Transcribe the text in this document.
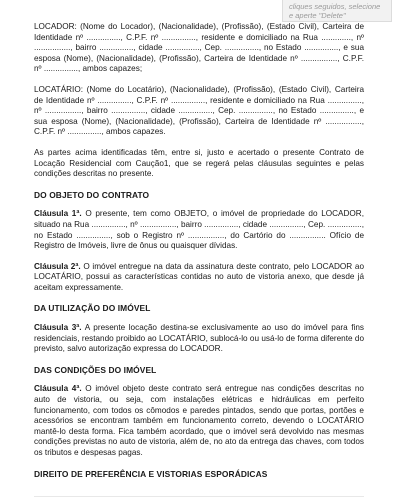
cliques seguidos, selecione e aperte "Delete"

LOCADOR: (Nome do Locador), (Nacionalidade), (Profissão), (Estado Civil), Carteira de Identidade nº ..............., C.P.F. nº ..............., residente e domiciliado na Rua ............., nº ................, bairro ..............., cidade ..............., Cep. ..............., no Estado ..............., e sua esposa (Nome), (Nacionalidade), (Profissão), Carteira de Identidade nº ................, C.P.F. nº ..............., ambos capazes;

LOCATÁRIO: (Nome do Locatário), (Nacionalidade), (Profissão), (Estado Civil), Carteira de Identidade nº ..............., C.P.F. nº ..............., residente e domiciliado na Rua ..............., nº ................, bairro ..............., cidade ..............., Cep. ..............., no Estado ..............., e sua esposa (Nome), (Nacionalidade), (Profissão), Carteira de Identidade nº ................, C.P.F. nº ..............., ambos capazes.

As partes acima identificadas têm, entre si, justo e acertado o presente Contrato de Locação Residencial com Caução1, que se regerá pelas cláusulas seguintes e pelas condições descritas no presente.

DO OBJETO DO CONTRATO

Cláusula 1ª. O presente, tem como OBJETO, o imóvel de propriedade do LOCADOR, situado na Rua ..............., nº ................, bairro ..............., cidade ..............., Cep. ..............., no Estado ..............., sob o Registro nº ................, do Cartório do ................ Ofício de Registro de Imóveis, livre de ônus ou quaisquer dívidas.

Cláusula 2ª. O imóvel entregue na data da assinatura deste contrato, pelo LOCADOR ao LOCATÁRIO, possui as características contidas no auto de vistoria anexo, que desde já aceitam expressamente.

DA UTILIZAÇÃO DO IMÓVEL

Cláusula 3ª. A presente locação destina-se exclusivamente ao uso do imóvel para fins residenciais, restando proibido ao LOCATÁRIO, sublocá-lo ou usá-lo de forma diferente do previsto, salvo autorização expressa do LOCADOR.

DAS CONDIÇÕES DO IMÓVEL

Cláusula 4ª. O imóvel objeto deste contrato será entregue nas condições descritas no auto de vistoria, ou seja, com instalações elétricas e hidráulicas em perfeito funcionamento, com todos os cômodos e paredes pintados, sendo que portas, portões e acessórios se encontram também em funcionamento correto, devendo o LOCATÁRIO mantê-lo desta forma. Fica também acordado, que o imóvel será devolvido nas mesmas condições previstas no auto de vistoria, além de, no ato da entrega das chaves, com todos os tributos e despesas pagas.

DIREITO DE PREFERÊNCIA E VISTORIAS ESPORÁDICAS
